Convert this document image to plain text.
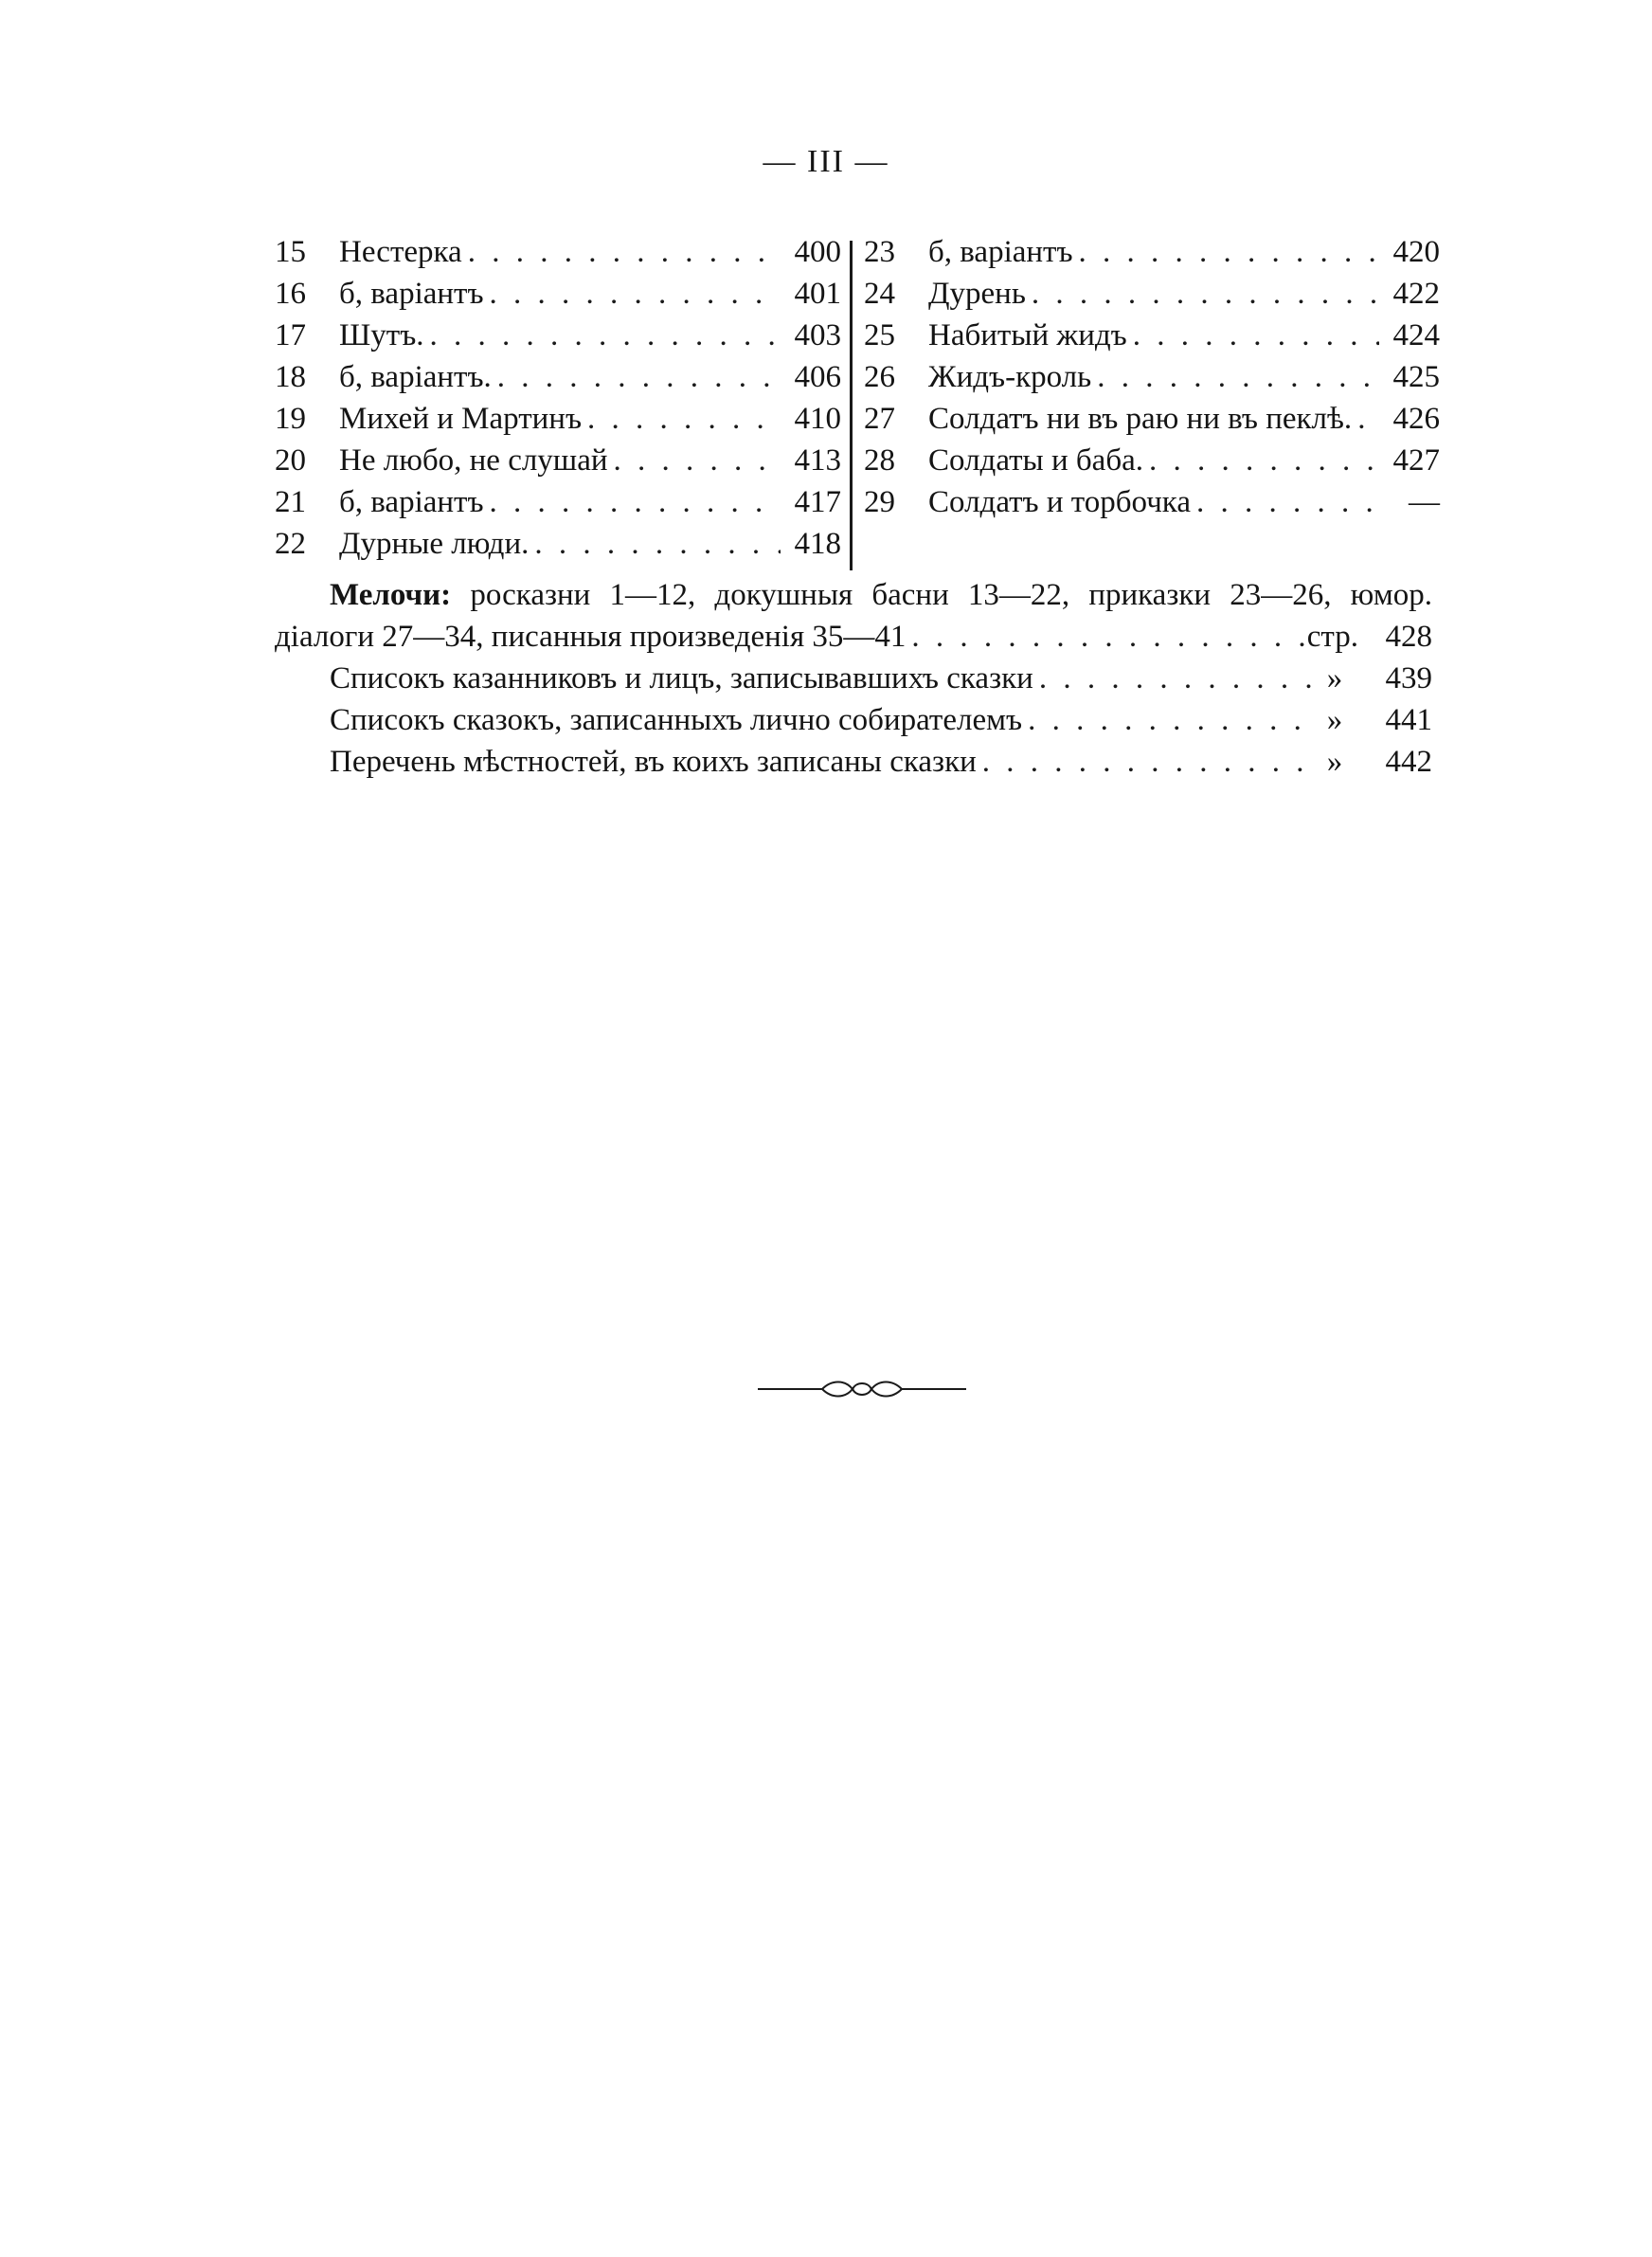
— III —
15	Нестерка . . .	400
16	б, варіантъ . . .	401
17	Шутъ. . . .	403
18	б, варіантъ. . . .	406
19	Михей и Мартинъ . . .	410
20	Не любо, не слушай . . .	413
21	б, варіантъ . . .	417
22	Дурные люди. . . .	418
23	б, варіантъ . . .	420
24	Дурень . . .	422
25	Набитый жидъ . . .	424
26	Жидъ-кроль . . .	425
27	Солдатъ ни въ раю ни въ пеклѣ. . . .	426
28	Солдаты и баба. . . .	427
29	Солдатъ и торбочка . . .	—
Мелочи: росказни 1—12, докушныя басни 13—22, приказки 23—26, юмор.
діалоги 27—34, писанныя произведенія 35—41 . . .	стр. 428
Списокъ казанниковъ и лицъ, записывавшихъ сказки . . .	»	439
Списокъ сказокъ, записанныхъ лично собирателемъ . . .	»	441
Перечень мѣстностей, въ коихъ записаны сказки . . .	»	442
